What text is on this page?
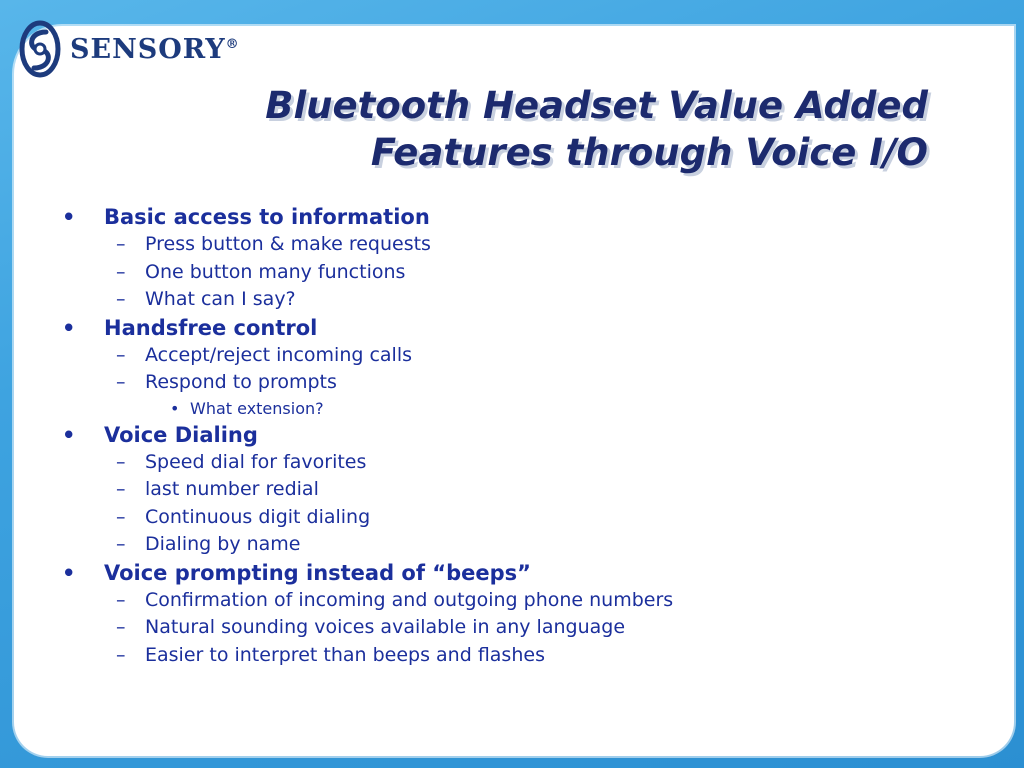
SENSORY®
Bluetooth Headset Value Added
Features through Voice I/O
•	Basic access to information
–	Press button & make requests
–	One button many functions
–	What can I say?
•	Handsfree control
–	Accept/reject incoming calls
–	Respond to prompts
• What extension?
•	Voice Dialing
–	Speed dial for favorites
–	last number redial
–	Continuous digit dialing
–	Dialing by name
•	Voice prompting instead of “beeps”
–	Confirmation of incoming and outgoing phone numbers
–	Natural sounding voices available in any language
–	Easier to interpret than beeps and flashes
